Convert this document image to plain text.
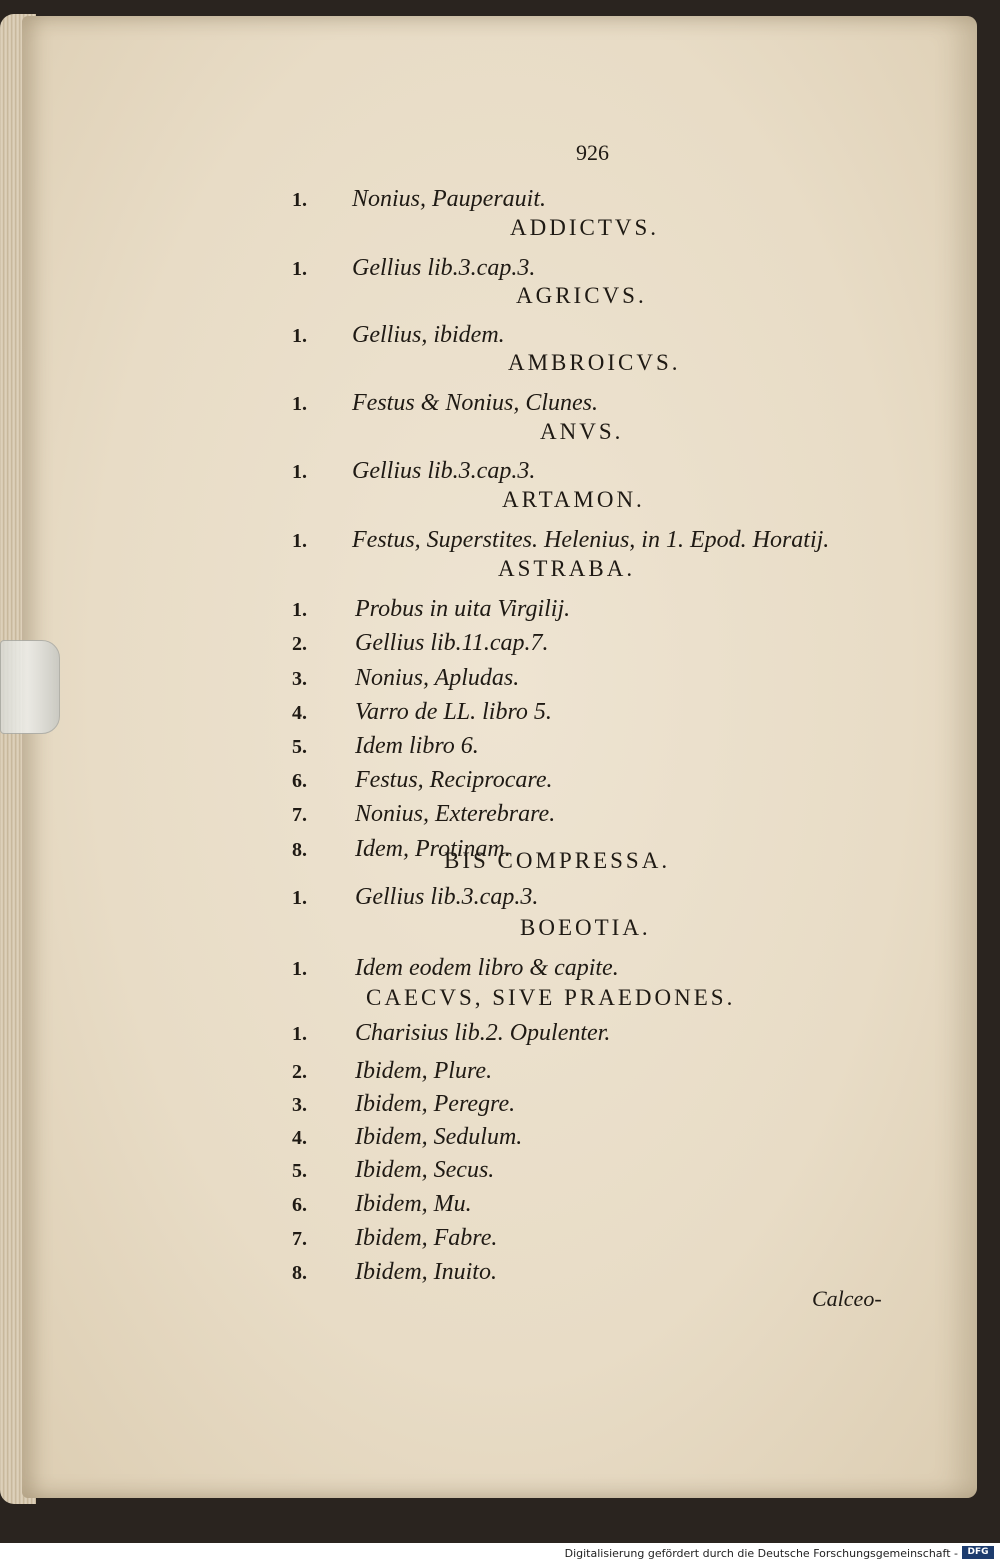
926
1.	Nonius, Pauperauit.
ADDICTVS.
1.	Gellius lib.3.cap.3.
AGRICVS.
1.	Gellius, ibidem.
AMBROICVS.
1.	Festus & Nonius, Clunes.
ANVS.
1.	Gellius lib.3.cap.3.
ARTAMON.
1.	Festus, Superstites. Helenius, in 1. Epod. Horatij.
ASTRABA.
1.	Probus in uita Virgilij.
2.	Gellius lib.11.cap.7.
3.	Nonius, Apludas.
4.	Varro de LL. libro 5.
5.	Idem libro 6.
6.	Festus, Reciprocare.
7.	Nonius, Exterebrare.
8.	Idem, Protinam.
BIS COMPRESSA.
1.	Gellius lib.3.cap.3.
BOEOTIA.
1.	Idem eodem libro & capite.
CAECVS, SIVE PRAEDONES.
1.	Charisius lib.2. Opulenter.
2.	Ibidem, Plure.
3.	Ibidem, Peregre.
4.	Ibidem, Sedulum.
5.	Ibidem, Secus.
6.	Ibidem, Mu.
7.	Ibidem, Fabre.
8.	Ibidem, Inuito.
Calceo-
Digitalisierung gefördert durch die Deutsche Forschungsgemeinschaft -	DFG
